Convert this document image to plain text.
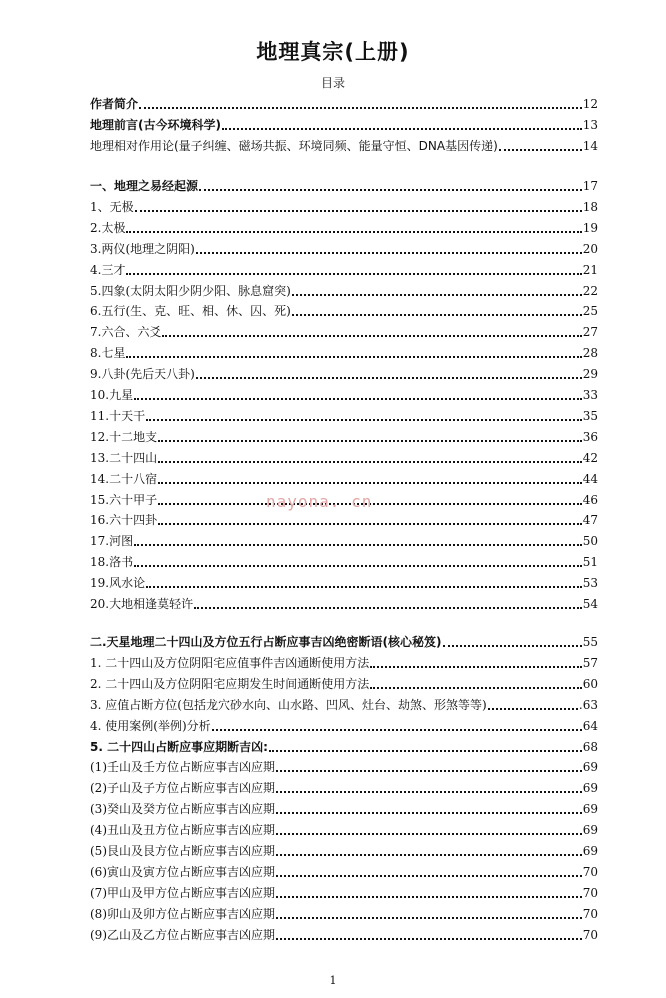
地理真宗(上册)
目录
作者简介	12
地理前言(古今环境科学)	13
地理相对作用论(量子纠缠、磁场共振、环境同频、能量守恒、DNA基因传递)	14
一、地理之易经起源	17
1、无极	18
2.太极	19
3.两仪(地理之阴阳)	20
4.三才	21
5.四象(太阴太阳少阴少阳、脉息窟突)	22
6.五行(生、克、旺、相、休、囚、死)	25
7.六合、六爻	27
8.七星	28
9.八卦(先后天八卦)	29
10.九星	33
11.十天干	35
12.十二地支	36
13.二十四山	42
14.二十八宿	44
15.六十甲子	46
16.六十四卦	47
17.河图	50
18.洛书	51
19.风水论	53
20.大地相逢莫轻许	54
二.天星地理二十四山及方位五行占断应事吉凶绝密断语(核心秘笈)	55
1. 二十四山及方位阴阳宅应值事件吉凶通断使用方法	57
2. 二十四山及方位阴阳宅应期发生时间通断使用方法	60
3. 应值占断方位(包括龙穴砂水向、山水路、凹风、灶台、劫煞、形煞等等)	.63
4. 使用案例(举例)分析	64
5. 二十四山占断应事应期断吉凶:	68
(1)壬山及壬方位占断应事吉凶应期	69
(2)子山及子方位占断应事吉凶应期	69
(3)癸山及癸方位占断应事吉凶应期	69
(4)丑山及丑方位占断应事吉凶应期	69
(5)艮山及艮方位占断应事吉凶应期	69
(6)寅山及寅方位占断应事吉凶应期	70
(7)甲山及甲方位占断应事吉凶应期	70
(8)卯山及卯方位占断应事吉凶应期	70
(9)乙山及乙方位占断应事吉凶应期	70
nayona. cn
1
